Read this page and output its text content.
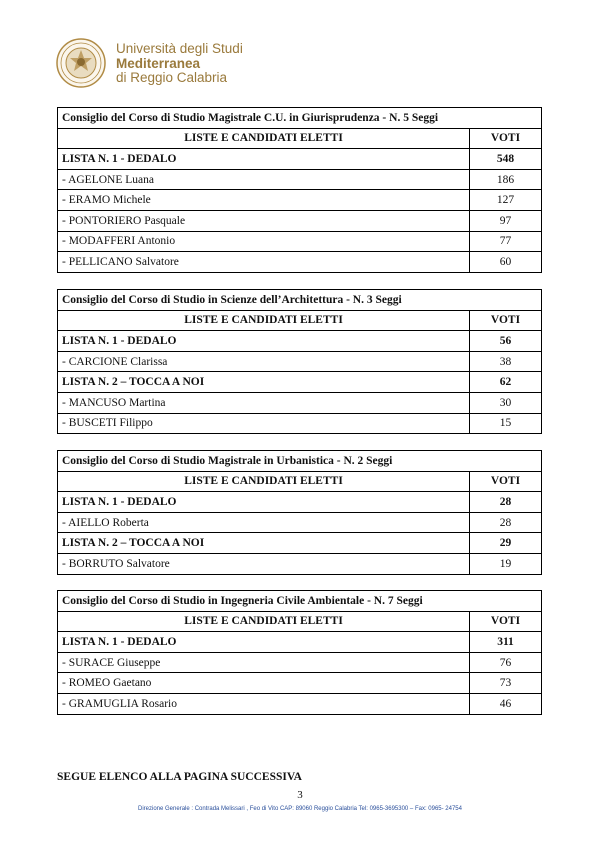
Università degli Studi
Mediterranea
di Reggio Calabria
Consiglio del Corso di Studio Magistrale C.U. in Giurisprudenza - N. 5 Seggi	
LISTE E CANDIDATI ELETTI	VOTI
LISTA N. 1 - DEDALO	548
- AGELONE Luana	186
- ERAMO Michele	127
- PONTORIERO Pasquale	97
- MODAFFERI Antonio	77
- PELLICANO Salvatore	60
Consiglio del Corso di Studio in Scienze dell’Architettura - N. 3 Seggi	
LISTE E CANDIDATI ELETTI	VOTI
LISTA N. 1 - DEDALO	56
- CARCIONE Clarissa	38
LISTA N. 2 – TOCCA A NOI	62
- MANCUSO Martina	30
- BUSCETI Filippo	15
Consiglio del Corso di Studio Magistrale in Urbanistica - N. 2 Seggi	
LISTE E CANDIDATI ELETTI	VOTI
LISTA N. 1 - DEDALO	28
- AIELLO Roberta	28
LISTA N. 2 – TOCCA A NOI	29
- BORRUTO Salvatore	19
Consiglio del Corso di Studio in Ingegneria Civile Ambientale - N. 7 Seggi	
LISTE E CANDIDATI ELETTI	VOTI
LISTA N. 1 - DEDALO	311
- SURACE Giuseppe	76
- ROMEO Gaetano	73
- GRAMUGLIA Rosario	46
SEGUE ELENCO ALLA PAGINA SUCCESSIVA
3
Direzione Generale : Contrada Melissari , Feo di Vito CAP: 89060 Reggio Calabria Tel: 0965-3695300 – Fax: 0965- 24754
